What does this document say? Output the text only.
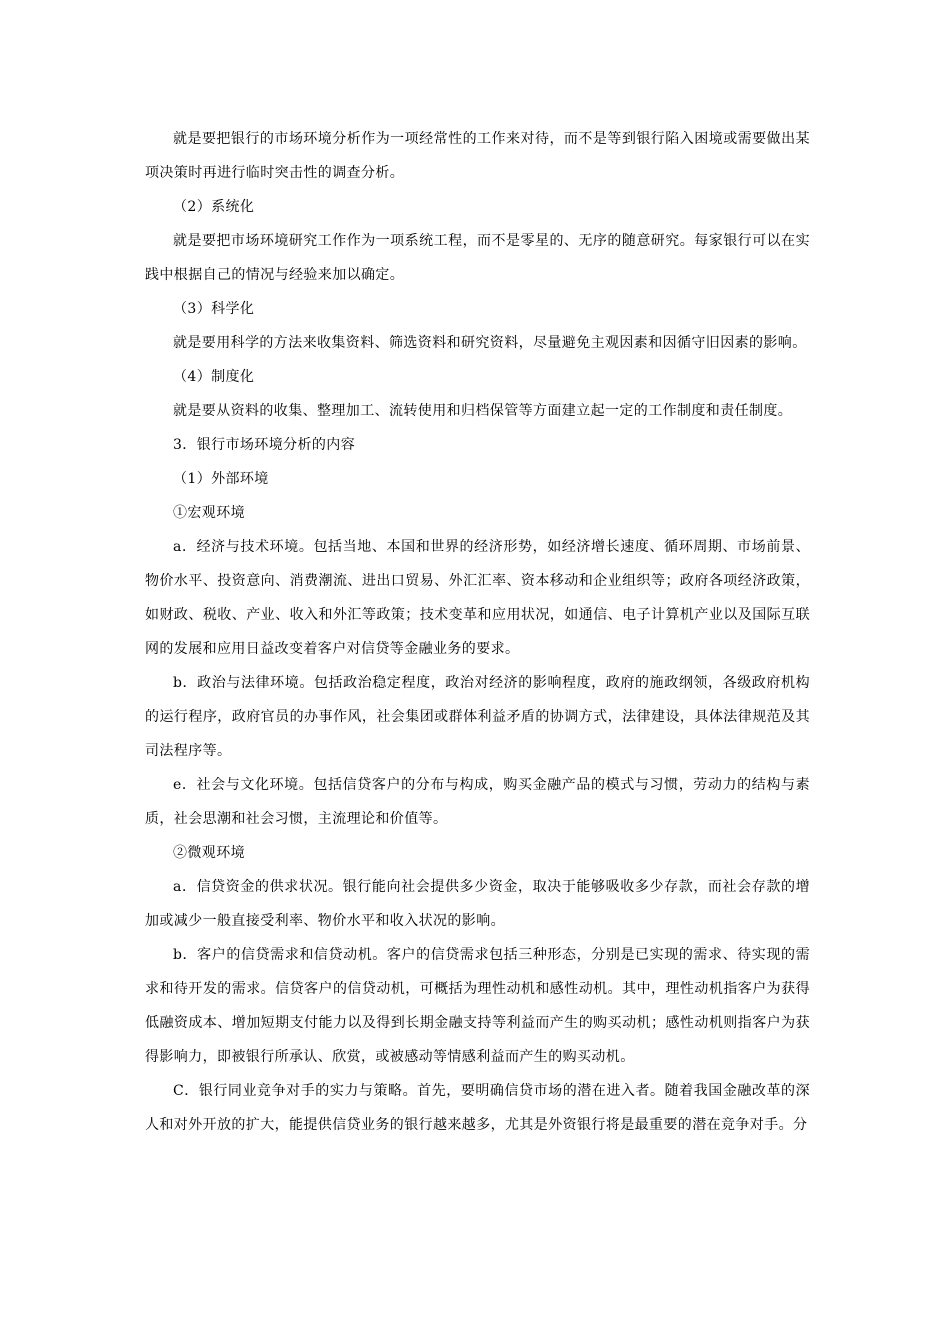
就是要把银行的市场环境分析作为一项经常性的工作来对待，而不是等到银行陷入困境或需要做出某项决策时再进行临时突击性的调查分析。

（2）系统化

就是要把市场环境研究工作作为一项系统工程，而不是零星的、无序的随意研究。每家银行可以在实践中根据自己的情况与经验来加以确定。

（3）科学化

就是要用科学的方法来收集资料、筛选资料和研究资料，尽量避免主观因素和因循守旧因素的影响。

（4）制度化

就是要从资料的收集、整理加工、流转使用和归档保管等方面建立起一定的工作制度和责任制度。

3．银行市场环境分析的内容

（1）外部环境

①宏观环境

a．经济与技术环境。包括当地、本国和世界的经济形势，如经济增长速度、循环周期、市场前景、物价水平、投资意向、消费潮流、进出口贸易、外汇汇率、资本移动和企业组织等；政府各项经济政策，如财政、税收、产业、收入和外汇等政策；技术变革和应用状况，如通信、电子计算机产业以及国际互联网的发展和应用日益改变着客户对信贷等金融业务的要求。

b．政治与法律环境。包括政治稳定程度，政治对经济的影响程度，政府的施政纲领，各级政府机构的运行程序，政府官员的办事作风，社会集团或群体利益矛盾的协调方式，法律建设，具体法律规范及其司法程序等。

e．社会与文化环境。包括信贷客户的分布与构成，购买金融产品的模式与习惯，劳动力的结构与素质，社会思潮和社会习惯，主流理论和价值等。

②微观环境

a．信贷资金的供求状况。银行能向社会提供多少资金，取决于能够吸收多少存款，而社会存款的增加或减少一般直接受利率、物价水平和收入状况的影响。

b．客户的信贷需求和信贷动机。客户的信贷需求包括三种形态，分别是已实现的需求、待实现的需求和待开发的需求。信贷客户的信贷动机，可概括为理性动机和感性动机。其中，理性动机指客户为获得低融资成本、增加短期支付能力以及得到长期金融支持等利益而产生的购买动机；感性动机则指客户为获得影响力，即被银行所承认、欣赏，或被感动等情感利益而产生的购买动机。

C．银行同业竞争对手的实力与策略。首先，要明确信贷市场的潜在进入者。随着我国金融改革的深人和对外开放的扩大，能提供信贷业务的银行越来越多，尤其是外资银行将是最重要的潜在竞争对手。分
